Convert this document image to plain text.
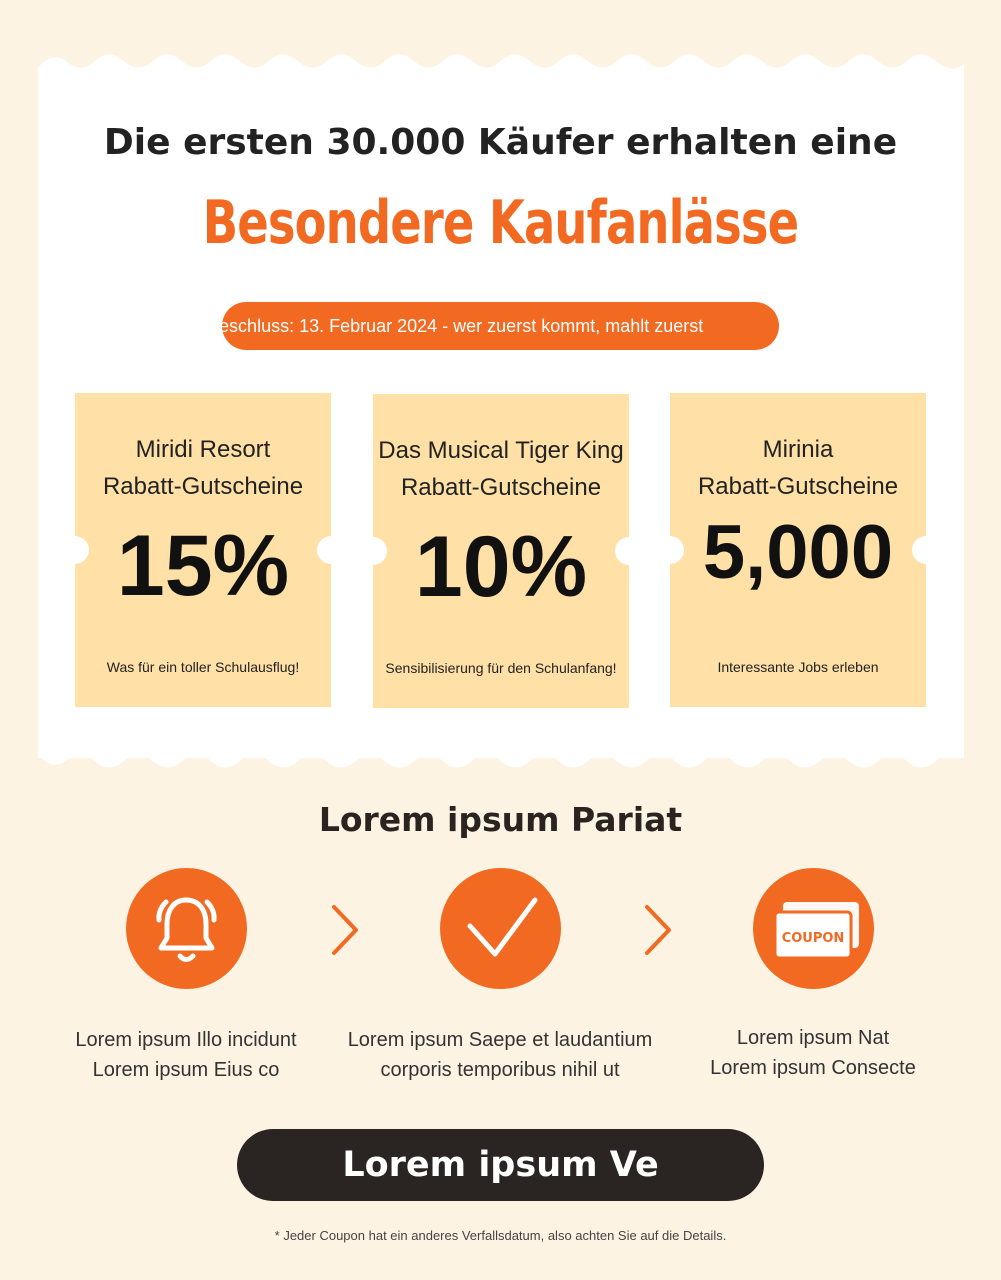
Die ersten 30.000 Käufer erhalten eine
Besondere Kaufanlässe
Einsendeschluss: 13. Februar 2024 - wer zuerst kommt, mahlt zuerst
Miridi Resort
Rabatt-Gutscheine
15%
Was für ein toller Schulausflug!
Das Musical Tiger King
Rabatt-Gutscheine
10%
Sensibilisierung für den Schulanfang!
Mirinia
Rabatt-Gutscheine
5,000
Interessante Jobs erleben
Lorem ipsum Pariat
COUPON
Lorem ipsum Illo incidunt
Lorem ipsum Eius co
Lorem ipsum Saepe et laudantium
corporis temporibus nihil ut
Lorem ipsum Nat
Lorem ipsum Consecte
Lorem ipsum Ve
* Jeder Coupon hat ein anderes Verfallsdatum, also achten Sie auf die Details.
